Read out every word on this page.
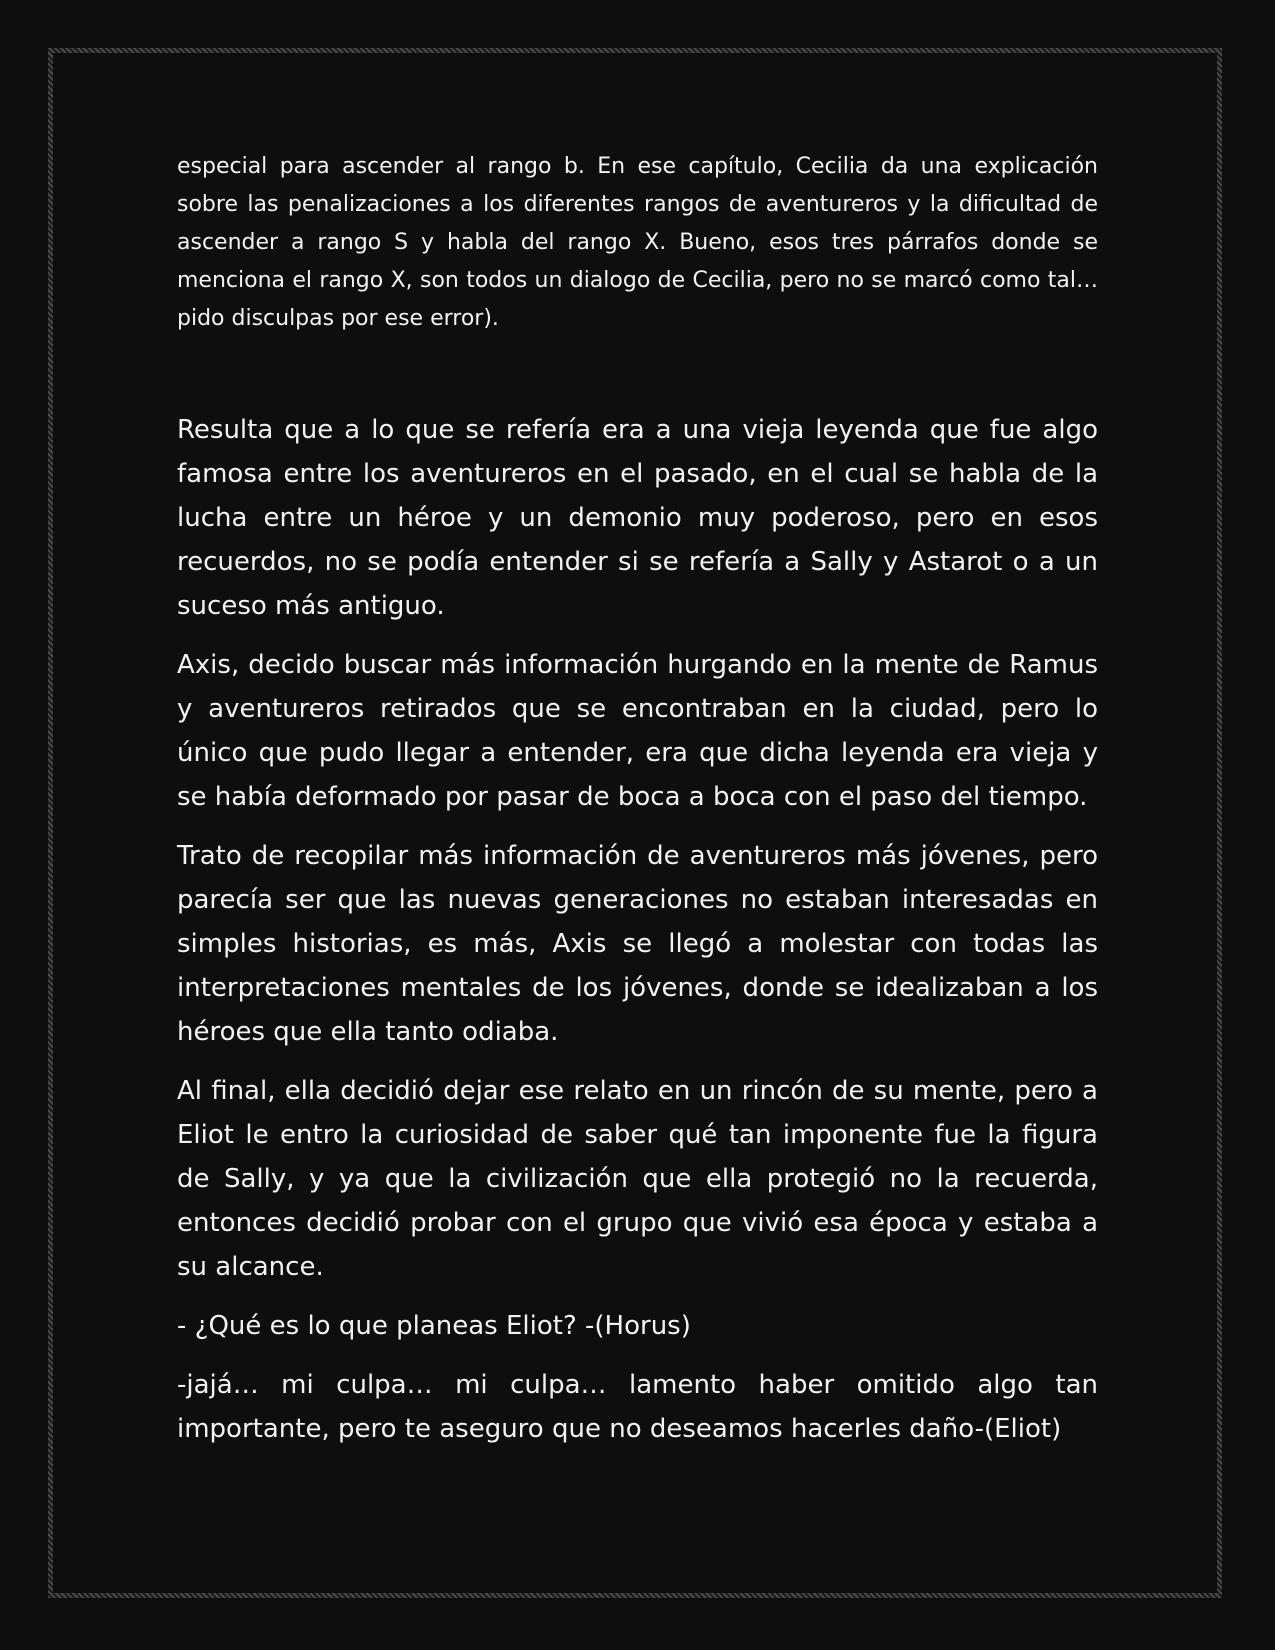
especial para ascender al rango b. En ese capítulo, Cecilia da una explicación sobre las penalizaciones a los diferentes rangos de aventureros y la dificultad de ascender a rango S y habla del rango X. Bueno, esos tres párrafos donde se menciona el rango X, son todos un dialogo de Cecilia, pero no se marcó como tal… pido disculpas por ese error).

Resulta que a lo que se refería era a una vieja leyenda que fue algo famosa entre los aventureros en el pasado, en el cual se habla de la lucha entre un héroe y un demonio muy poderoso, pero en esos recuerdos, no se podía entender si se refería a Sally y Astarot o a un suceso más antiguo.

Axis, decido buscar más información hurgando en la mente de Ramus y aventureros retirados que se encontraban en la ciudad, pero lo único que pudo llegar a entender, era que dicha leyenda era vieja y se había deformado por pasar de boca a boca con el paso del tiempo.

Trato de recopilar más información de aventureros más jóvenes, pero parecía ser que las nuevas generaciones no estaban interesadas en simples historias, es más, Axis se llegó a molestar con todas las interpretaciones mentales de los jóvenes, donde se idealizaban a los héroes que ella tanto odiaba.

Al final, ella decidió dejar ese relato en un rincón de su mente, pero a Eliot le entro la curiosidad de saber qué tan imponente fue la figura de Sally, y ya que la civilización que ella protegió no la recuerda, entonces decidió probar con el grupo que vivió esa época y estaba a su alcance.

- ¿Qué es lo que planeas Eliot? -(Horus)

-jajá… mi culpa… mi culpa… lamento haber omitido algo tan importante, pero te aseguro que no deseamos hacerles daño-(Eliot)
